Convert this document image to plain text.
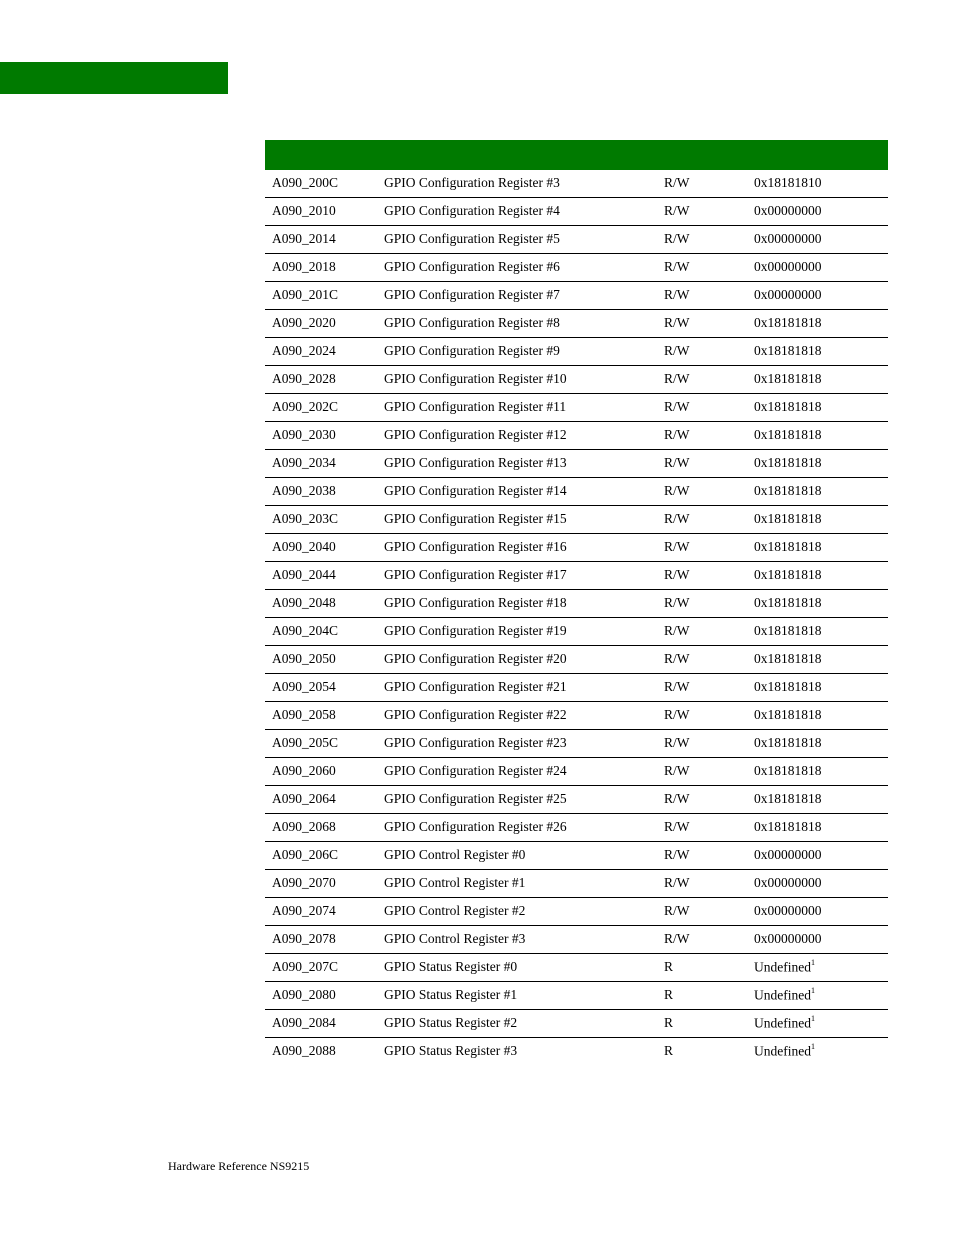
A090_200C	GPIO Configuration Register #3	R/W	0x18181810
A090_2010	GPIO Configuration Register #4	R/W	0x00000000
A090_2014	GPIO Configuration Register #5	R/W	0x00000000
A090_2018	GPIO Configuration Register #6	R/W	0x00000000
A090_201C	GPIO Configuration Register #7	R/W	0x00000000
A090_2020	GPIO Configuration Register #8	R/W	0x18181818
A090_2024	GPIO Configuration Register #9	R/W	0x18181818
A090_2028	GPIO Configuration Register #10	R/W	0x18181818
A090_202C	GPIO Configuration Register #11	R/W	0x18181818
A090_2030	GPIO Configuration Register #12	R/W	0x18181818
A090_2034	GPIO Configuration Register #13	R/W	0x18181818
A090_2038	GPIO Configuration Register #14	R/W	0x18181818
A090_203C	GPIO Configuration Register #15	R/W	0x18181818
A090_2040	GPIO Configuration Register #16	R/W	0x18181818
A090_2044	GPIO Configuration Register #17	R/W	0x18181818
A090_2048	GPIO Configuration Register #18	R/W	0x18181818
A090_204C	GPIO Configuration Register #19	R/W	0x18181818
A090_2050	GPIO Configuration Register #20	R/W	0x18181818
A090_2054	GPIO Configuration Register #21	R/W	0x18181818
A090_2058	GPIO Configuration Register #22	R/W	0x18181818
A090_205C	GPIO Configuration Register #23	R/W	0x18181818
A090_2060	GPIO Configuration Register #24	R/W	0x18181818
A090_2064	GPIO Configuration Register #25	R/W	0x18181818
A090_2068	GPIO Configuration Register #26	R/W	0x18181818
A090_206C	GPIO Control Register #0	R/W	0x00000000
A090_2070	GPIO Control Register #1	R/W	0x00000000
A090_2074	GPIO Control Register #2	R/W	0x00000000
A090_2078	GPIO Control Register #3	R/W	0x00000000
A090_207C	GPIO Status Register #0	R	Undefined$^1$
A090_2080	GPIO Status Register #1	R	Undefined$^1$
A090_2084	GPIO Status Register #2	R	Undefined$^1$
A090_2088	GPIO Status Register #3	R	Undefined$^1$
Hardware Reference NS9215
